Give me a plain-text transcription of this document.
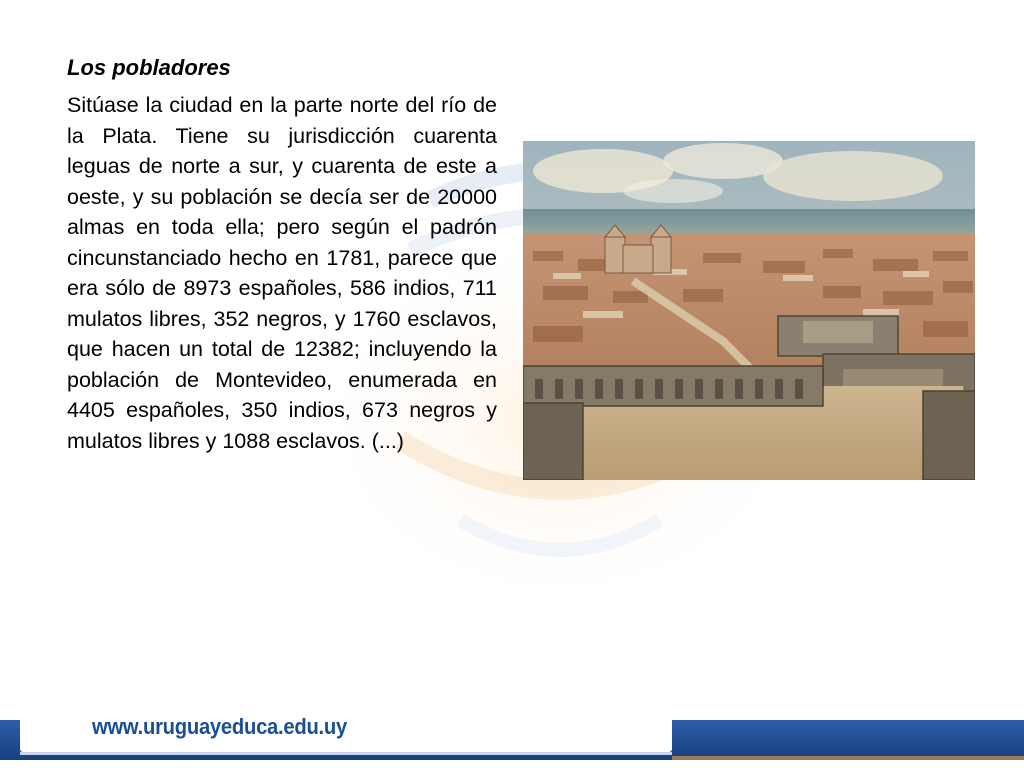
Los pobladores
Sitúase la ciudad en la parte norte del río de la Plata. Tiene su jurisdicción cuarenta leguas de norte a sur, y cuarenta de este a oeste, y su población se decía ser de 20000 almas en toda ella; pero según el padrón cincunstanciado hecho en 1781, parece que era sólo de 8973 españoles, 586 indios, 711 mulatos libres, 352 negros, y 1760 esclavos, que hacen un total de 12382; incluyendo la población de Montevideo, enumerada en 4405 españoles, 350 indios, 673 negros y mulatos libres y 1088 esclavos. (...)
www.uruguayeduca.edu.uy
